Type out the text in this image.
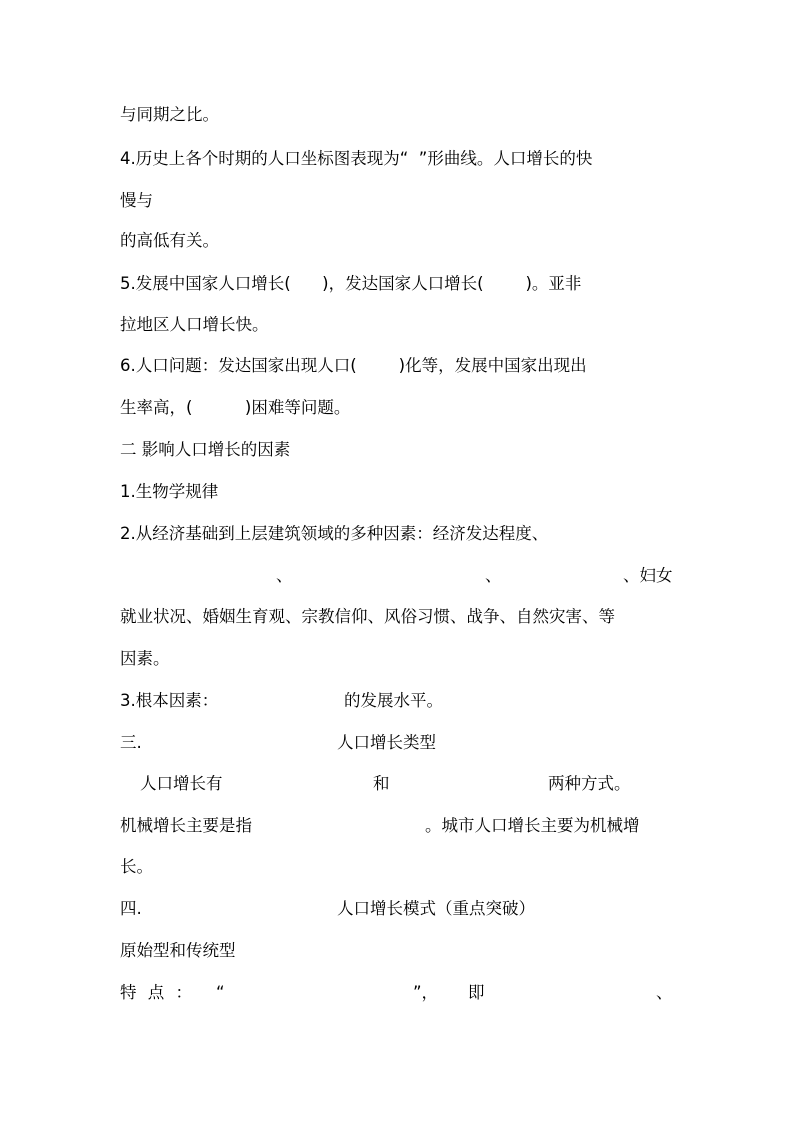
与同期之比。

4.历史上各个时期的人口坐标图表现为“  ”形曲线。人口增长的快

慢与

的高低有关。

5.发展中国家人口增长(      )，发达国家人口增长(        )。亚非

拉地区人口增长快。

6.人口问题：发达国家出现人口(        )化等，发展中国家出现出

生率高，(          )困难等问题。

二 影响人口增长的因素

1.生物学规律

2.从经济基础到上层建筑领域的多种因素：经济发达程度、

、	、	、妇女

就业状况、婚姻生育观、宗教信仰、风俗习惯、战争、自然灾害、等

因素。

3.根本因素：	的发展水平。
三.	人口增长类型
人口增长有	和	两种方式。
机械增长主要是指	。城市人口增长主要为机械增

长。

四.	人口增长模式（重点突破）

原始型和传统型

特 点 ： “	”， 即	、
